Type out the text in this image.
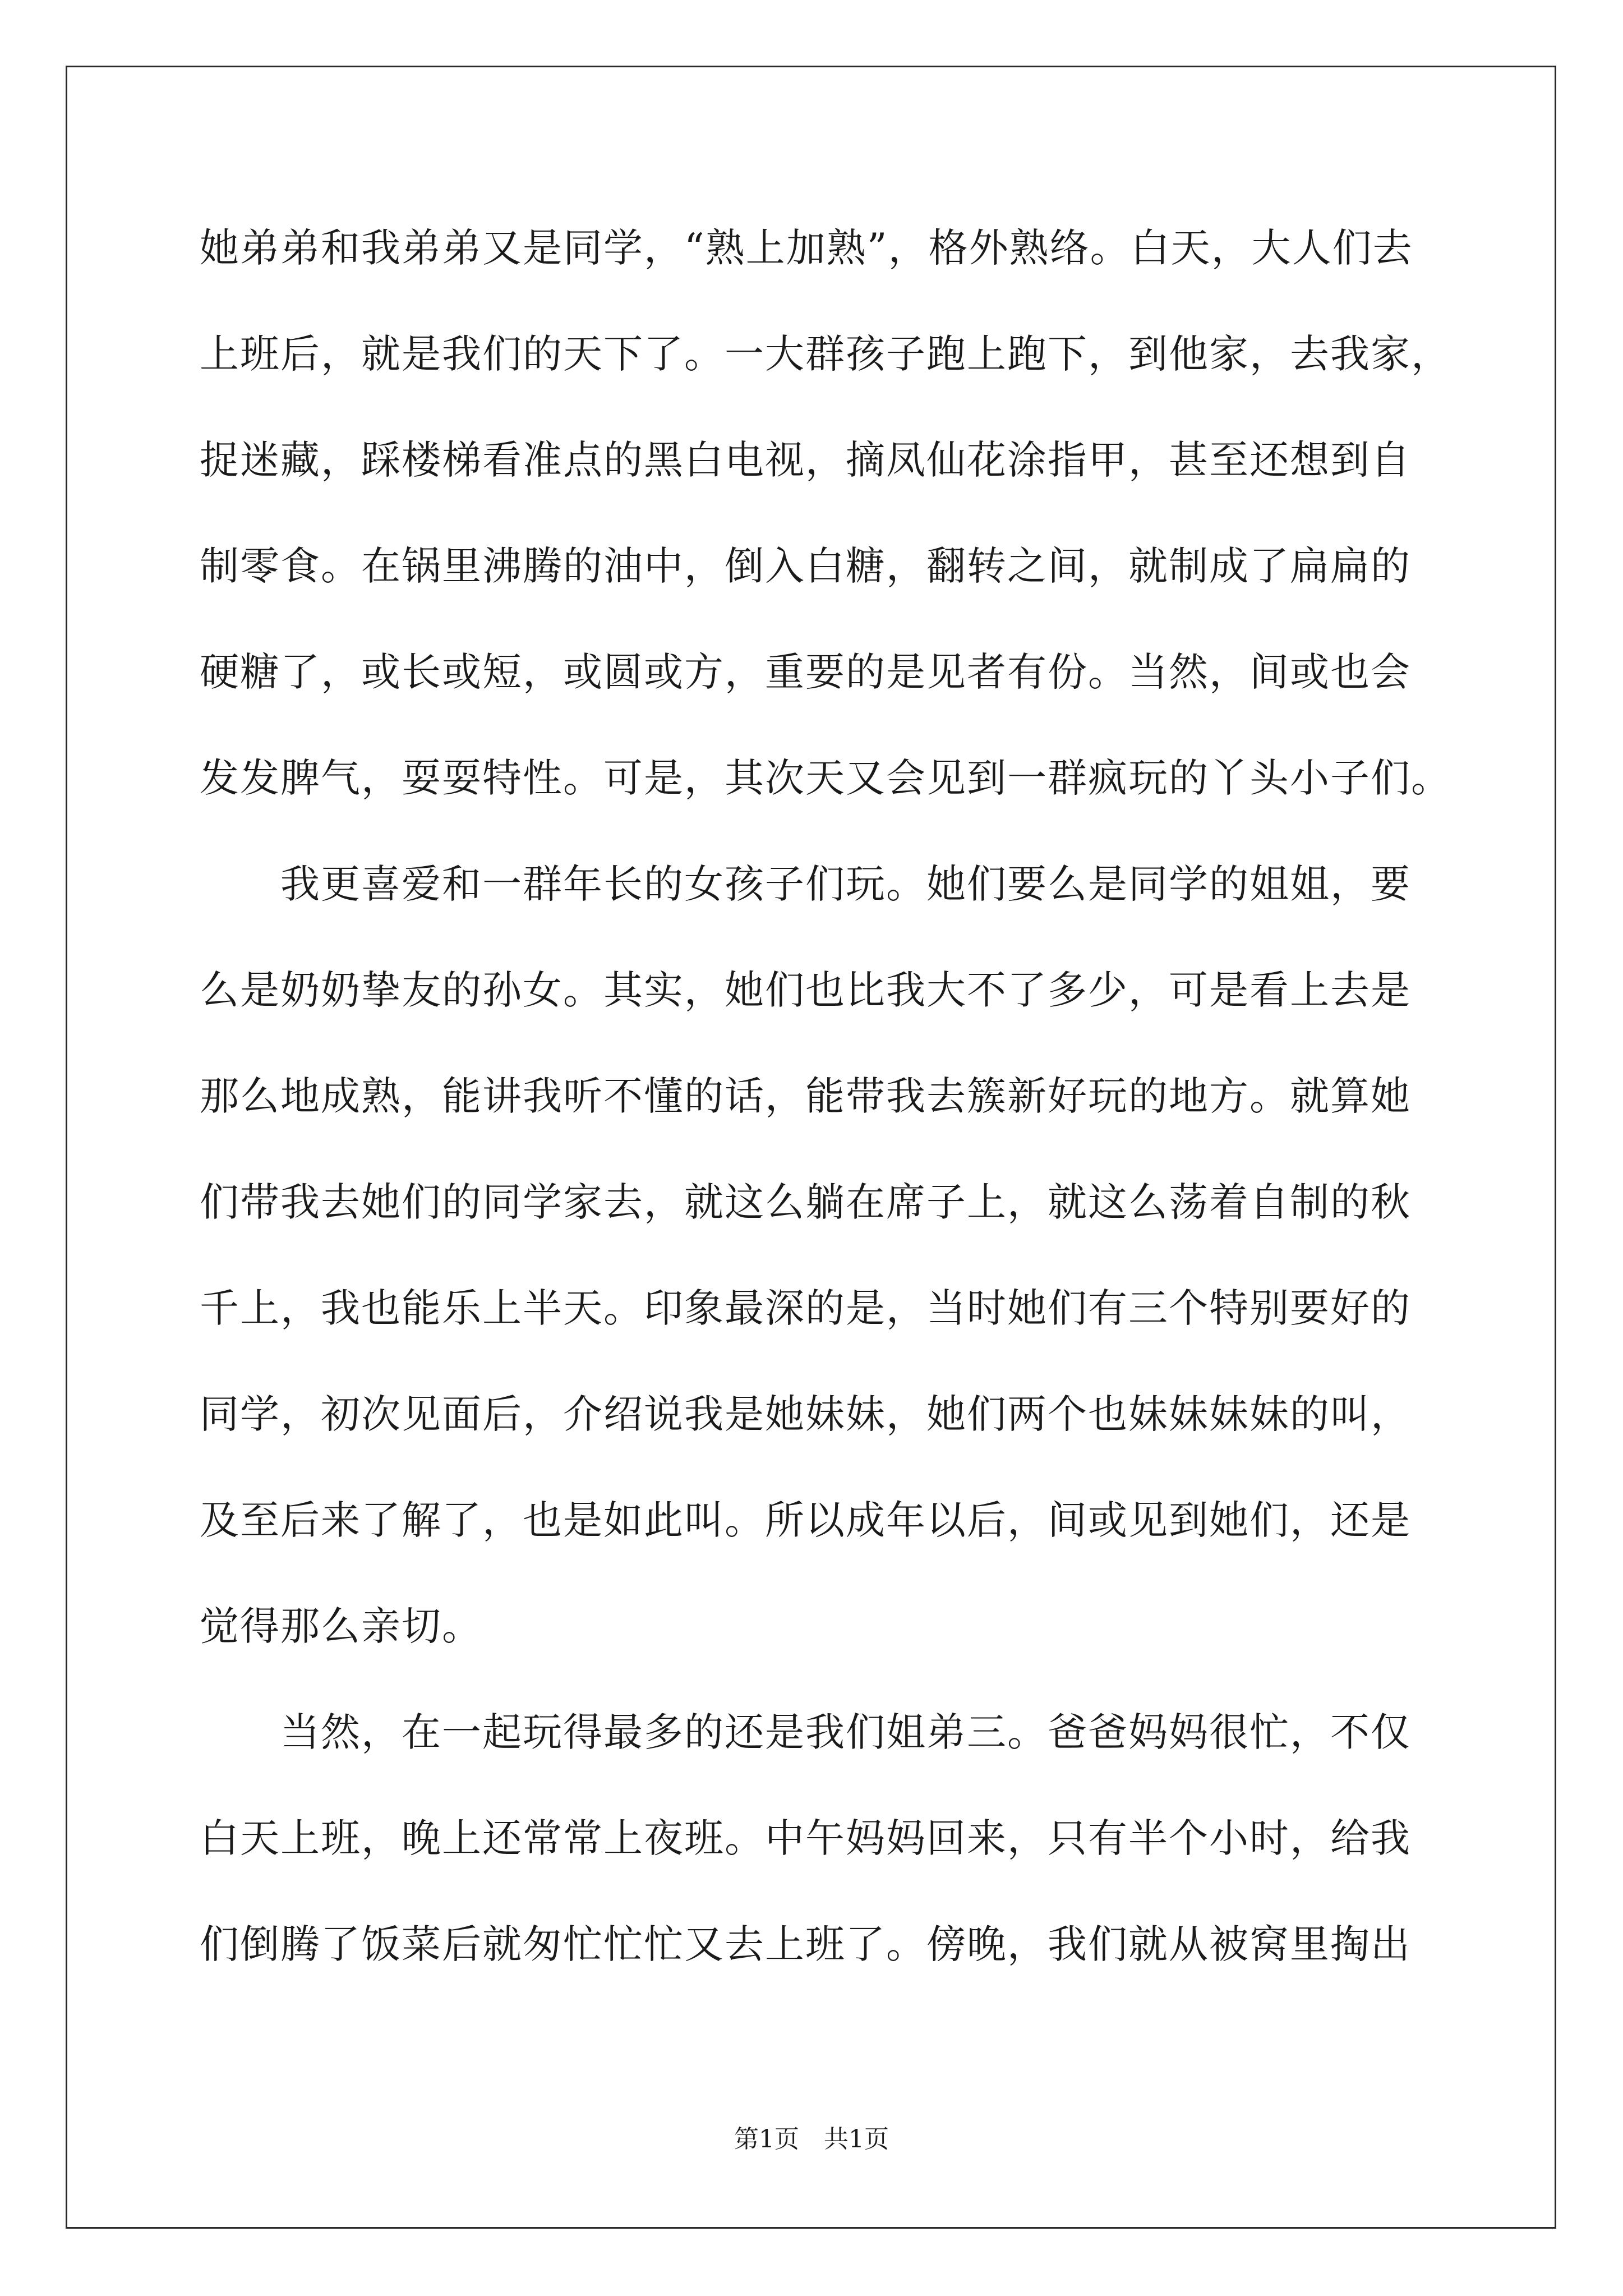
她弟弟和我弟弟又是同学，“熟上加熟”，格外熟络。白天，大人们去
上班后，就是我们的天下了。一大群孩子跑上跑下，到他家，去我家，
捉迷藏，踩楼梯看准点的黑白电视，摘凤仙花涂指甲，甚至还想到自
制零食。在锅里沸腾的油中，倒入白糖，翻转之间，就制成了扁扁的
硬糖了，或长或短，或圆或方，重要的是见者有份。当然，间或也会
发发脾气，耍耍特性。可是，其次天又会见到一群疯玩的丫头小子们。
　　我更喜爱和一群年长的女孩子们玩。她们要么是同学的姐姐，要
么是奶奶挚友的孙女。其实，她们也比我大不了多少，可是看上去是
那么地成熟，能讲我听不懂的话，能带我去簇新好玩的地方。就算她
们带我去她们的同学家去，就这么躺在席子上，就这么荡着自制的秋
千上，我也能乐上半天。印象最深的是，当时她们有三个特别要好的
同学，初次见面后，介绍说我是她妹妹，她们两个也妹妹妹妹的叫，
及至后来了解了，也是如此叫。所以成年以后，间或见到她们，还是
觉得那么亲切。
　　当然，在一起玩得最多的还是我们姐弟三。爸爸妈妈很忙，不仅
白天上班，晚上还常常上夜班。中午妈妈回来，只有半个小时，给我
们倒腾了饭菜后就匆忙忙忙又去上班了。傍晚，我们就从被窝里掏出
第1页　共1页
